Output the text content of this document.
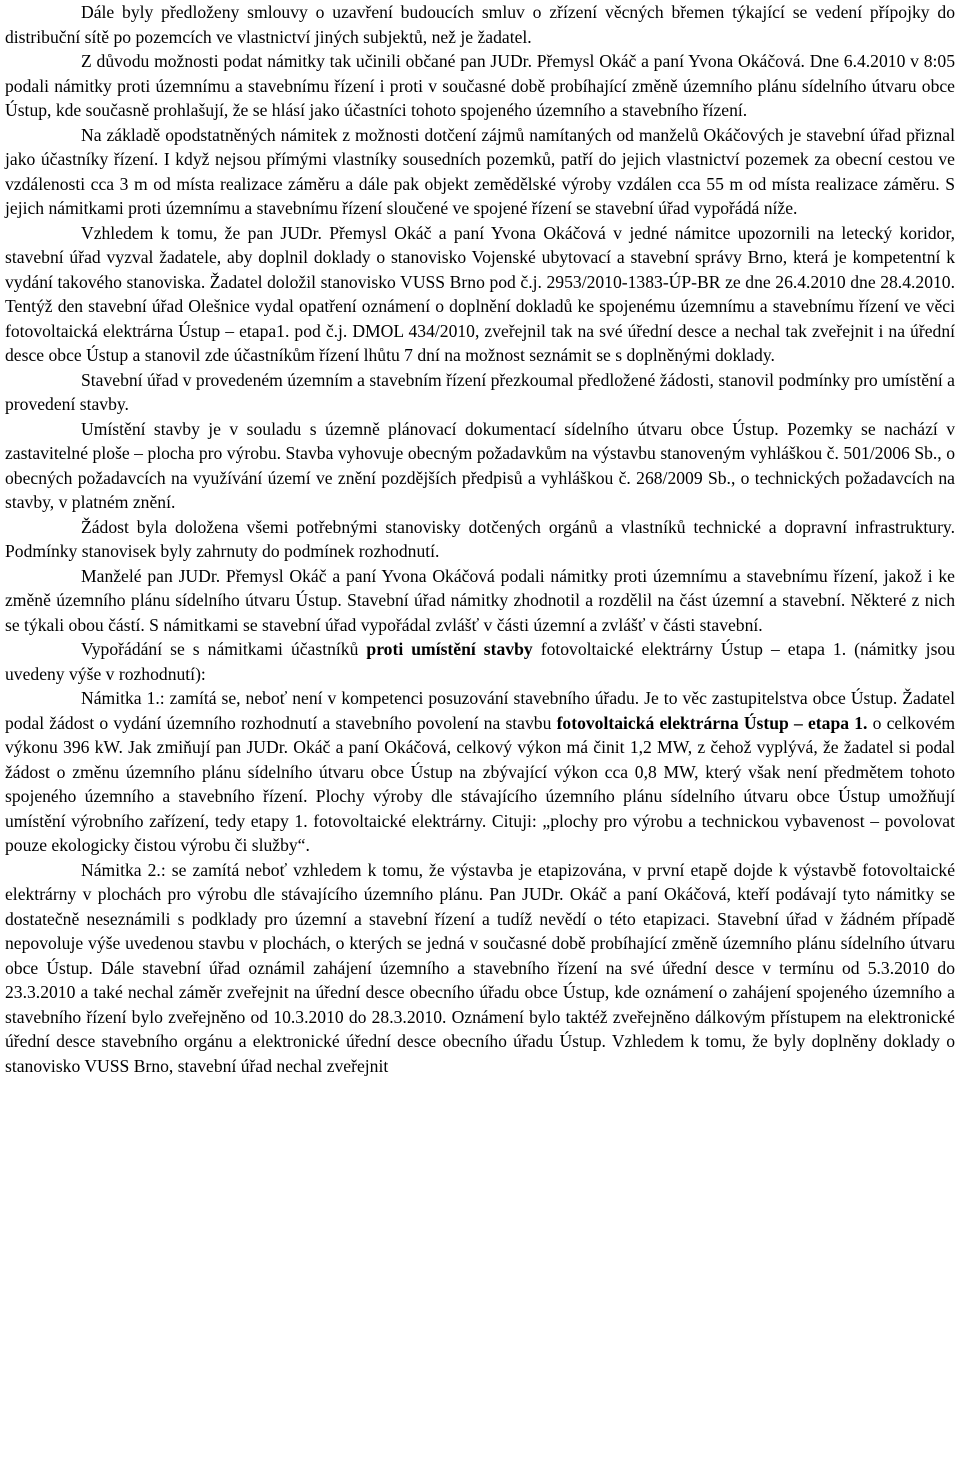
Dále byly předloženy smlouvy o uzavření budoucích smluv o zřízení věcných břemen týkající se vedení přípojky do distribuční sítě po pozemcích ve vlastnictví jiných subjektů, než je žadatel.

Z důvodu možnosti podat námitky tak učinili občané pan JUDr. Přemysl Okáč a paní Yvona Okáčová. Dne 6.4.2010 v 8:05 podali námitky proti územnímu a stavebnímu řízení i proti v současné době probíhající změně územního plánu sídelního útvaru obce Ústup, kde současně prohlašují, že se hlásí jako účastníci tohoto spojeného územního a stavebního řízení.

Na základě opodstatněných námitek z možnosti dotčení zájmů namítaných od manželů Okáčových je stavební úřad přiznal jako účastníky řízení. I když nejsou přímými vlastníky sousedních pozemků, patří do jejich vlastnictví pozemek za obecní cestou ve vzdálenosti cca 3 m od místa realizace záměru a dále pak objekt zemědělské výroby vzdálen cca 55 m od místa realizace záměru. S jejich námitkami proti územnímu a stavebnímu řízení sloučené ve spojené řízení se stavební úřad vypořádá níže.

Vzhledem k tomu, že pan JUDr. Přemysl Okáč a paní Yvona Okáčová v jedné námitce upozornili na letecký koridor, stavební úřad vyzval žadatele, aby doplnil doklady o stanovisko Vojenské ubytovací a stavební správy Brno, která je kompetentní k vydání takového stanoviska. Žadatel doložil stanovisko VUSS Brno pod č.j. 2953/2010-1383-ÚP-BR ze dne 26.4.2010 dne 28.4.2010. Tentýž den stavební úřad Olešnice vydal opatření oznámení o doplnění dokladů ke spojenému územnímu a stavebnímu řízení ve věci fotovoltaická elektrárna Ústup – etapa1. pod č.j. DMOL 434/2010, zveřejnil tak na své úřední desce a nechal tak zveřejnit i na úřední desce obce Ústup a stanovil zde účastníkům řízení lhůtu 7 dní na možnost seznámit se s doplněnými doklady.

Stavební úřad v provedeném územním a stavebním řízení přezkoumal předložené žádosti, stanovil podmínky pro umístění a provedení stavby.

Umístění stavby je v souladu s územně plánovací dokumentací sídelního útvaru obce Ústup. Pozemky se nachází v zastavitelné ploše – plocha pro výrobu. Stavba vyhovuje obecným požadavkům na výstavbu stanoveným vyhláškou č. 501/2006 Sb., o obecných požadavcích na využívání území ve znění pozdějších předpisů a vyhláškou č. 268/2009 Sb., o technických požadavcích na stavby, v platném znění.

Žádost byla doložena všemi potřebnými stanovisky dotčených orgánů a vlastníků technické a dopravní infrastruktury. Podmínky stanovisek byly zahrnuty do podmínek rozhodnutí.

Manželé pan JUDr. Přemysl Okáč a paní Yvona Okáčová podali námitky proti územnímu a stavebnímu řízení, jakož i ke změně územního plánu sídelního útvaru Ústup. Stavební úřad námitky zhodnotil a rozdělil na část územní a stavební. Některé z nich se týkali obou částí. S námitkami se stavební úřad vypořádal zvlášť v části územní a zvlášť v části stavební.

Vypořádání se s námitkami účastníků proti umístění stavby fotovoltaické elektrárny Ústup – etapa 1. (námitky jsou uvedeny výše v rozhodnutí):

Námitka 1.: zamítá se, neboť není v kompetenci posuzování stavebního úřadu. Je to věc zastupitelstva obce Ústup. Žadatel podal žádost o vydání územního rozhodnutí a stavebního povolení na stavbu fotovoltaická elektrárna Ústup – etapa 1. o celkovém výkonu 396 kW. Jak zmiňují pan JUDr. Okáč a paní Okáčová, celkový výkon má činit 1,2 MW, z čehož vyplývá, že žadatel si podal žádost o změnu územního plánu sídelního útvaru obce Ústup na zbývající výkon cca 0,8 MW, který však není předmětem tohoto spojeného územního a stavebního řízení. Plochy výroby dle stávajícího územního plánu sídelního útvaru obce Ústup umožňují umístění výrobního zařízení, tedy etapy 1. fotovoltaické elektrárny. Cituji: „plochy pro výrobu a technickou vybavenost – povolovat pouze ekologicky čistou výrobu či služby“.

Námitka 2.: se zamítá neboť vzhledem k tomu, že výstavba je etapizována, v první etapě dojde k výstavbě fotovoltaické elektrárny v plochách pro výrobu dle stávajícího územního plánu. Pan JUDr. Okáč a paní Okáčová, kteří podávají tyto námitky se dostatečně neseznámili s podklady pro územní a stavební řízení a tudíž nevědí o této etapizaci. Stavební úřad v žádném případě nepovoluje výše uvedenou stavbu v plochách, o kterých se jedná v současné době probíhající změně územního plánu sídelního útvaru obce Ústup. Dále stavební úřad oznámil zahájení územního a stavebního řízení na své úřední desce v termínu od 5.3.2010 do 23.3.2010 a také nechal záměr zveřejnit na úřední desce obecního úřadu obce Ústup, kde oznámení o zahájení spojeného územního a stavebního řízení bylo zveřejněno od 10.3.2010 do 28.3.2010. Oznámení bylo taktéž zveřejněno dálkovým přístupem na elektronické úřední desce stavebního orgánu a elektronické úřední desce obecního úřadu Ústup. Vzhledem k tomu, že byly doplněny doklady o stanovisko VUSS Brno, stavební úřad nechal zveřejnit
